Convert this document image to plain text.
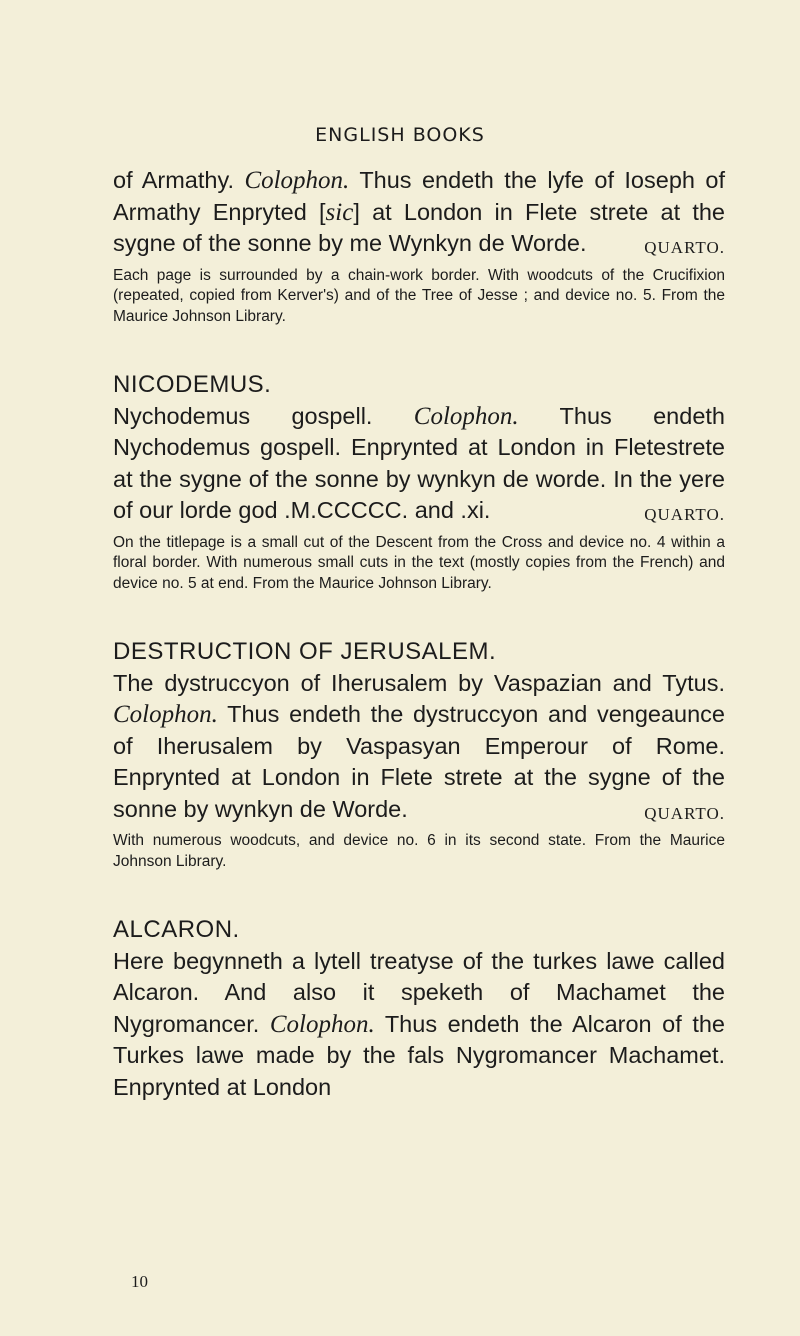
ENGLISH BOOKS

of Armathy. Colophon. Thus endeth the lyfe of Ioseph of Armathy Enpryted [sic] at London in Flete strete at the sygne of the sonne by me Wynkyn de Worde.	QUARTO.

Each page is surrounded by a chain-work border. With woodcuts of the Crucifixion (repeated, copied from Kerver's) and of the Tree of Jesse ; and device no. 5. From the Maurice Johnson Library.

NICODEMUS.

Nychodemus gospell. Colophon. Thus endeth Nychodemus gospell. Enprynted at London in Fletestrete at the sygne of the sonne by wynkyn de worde. In the yere of our lorde god .M.CCCCC. and .xi.	QUARTO.

On the titlepage is a small cut of the Descent from the Cross and device no. 4 within a floral border. With numerous small cuts in the text (mostly copies from the French) and device no. 5 at end. From the Maurice Johnson Library.

DESTRUCTION OF JERUSALEM.

The dystruccyon of Iherusalem by Vaspazian and Tytus. Colophon. Thus endeth the dystruccyon and vengeaunce of Iherusalem by Vaspasyan Emperour of Rome. Enprynted at London in Flete strete at the sygne of the sonne by wynkyn de Worde.	QUARTO.

With numerous woodcuts, and device no. 6 in its second state. From the Maurice Johnson Library.

ALCARON.

Here begynneth a lytell treatyse of the turkes lawe called Alcaron. And also it speketh of Machamet the Nygromancer. Colophon. Thus endeth the Alcaron of the Turkes lawe made by the fals Nygromancer Machamet. Enprynted at London

10
